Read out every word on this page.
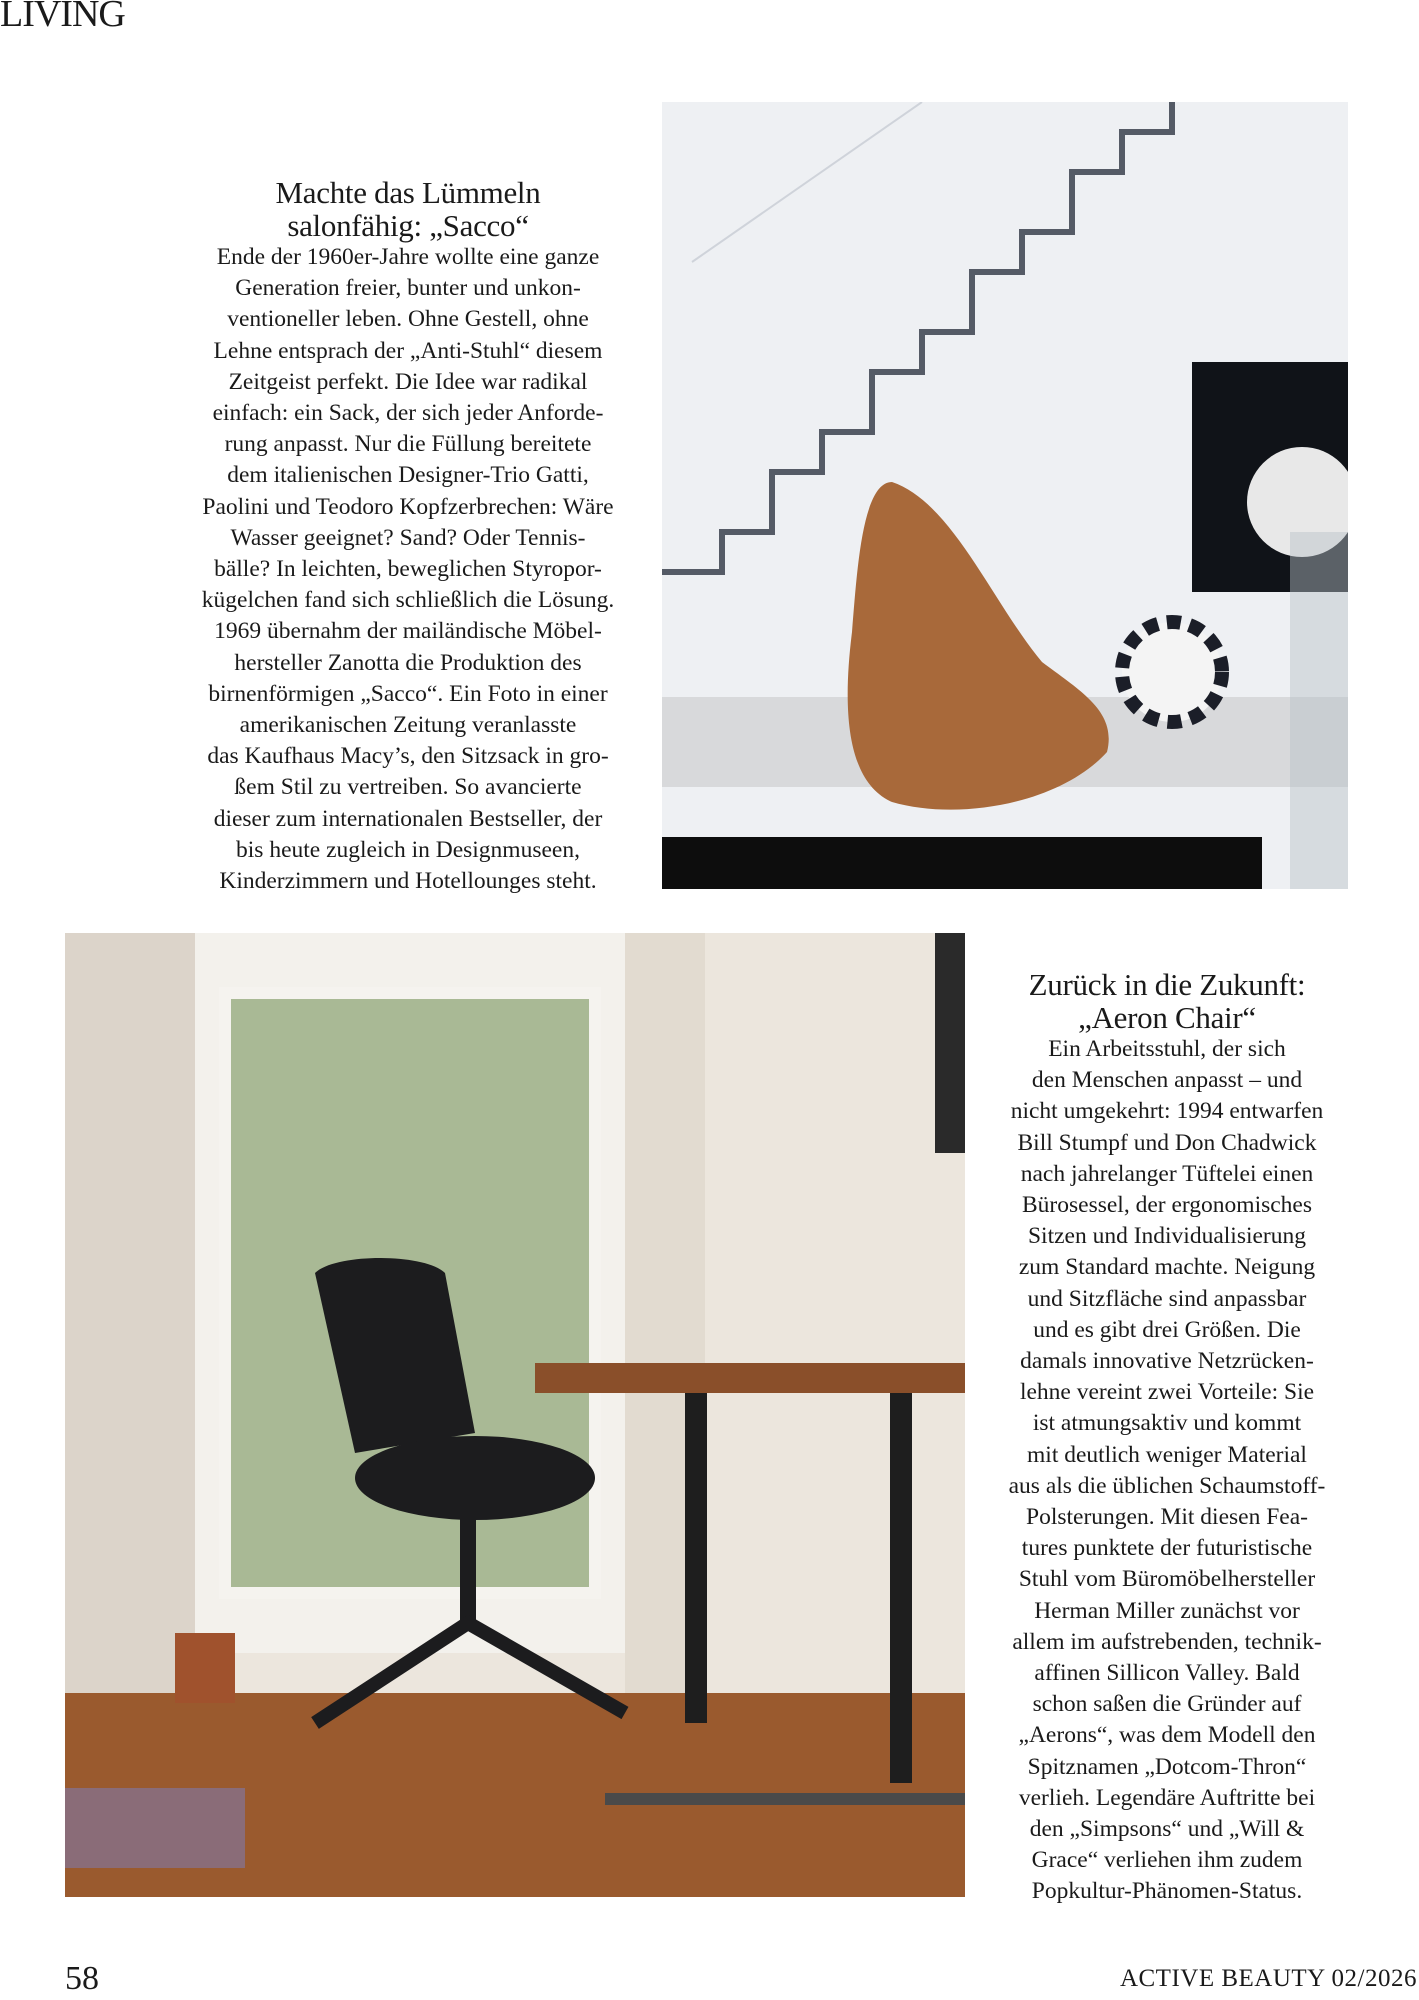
LIVING
Machte das Lümmeln
salonfähig: „Sacco“
Ende der 1960er-Jahre wollte eine ganze
Generation freier, bunter und unkon-
ventioneller leben. Ohne Gestell, ohne
Lehne entsprach der „Anti-Stuhl“ diesem
Zeitgeist perfekt. Die Idee war radikal
einfach: ein Sack, der sich jeder Anforde-
rung anpasst. Nur die Füllung bereitete
dem italienischen Designer-Trio Gatti,
Paolini und Teodoro Kopfzerbrechen: Wäre
Wasser geeignet? Sand? Oder Tennis-
bälle? In leichten, beweglichen Styropor-
kügelchen fand sich schließlich die Lösung.
1969 übernahm der mailändische Möbel-
hersteller Zanotta die Produktion des
birnenförmigen „Sacco“. Ein Foto in einer
amerikanischen Zeitung veranlasste
das Kaufhaus Macy’s, den Sitzsack in gro-
ßem Stil zu vertreiben. So avancierte
dieser zum internationalen Bestseller, der
bis heute zugleich in Designmuseen,
Kinderzimmern und Hotellounges steht.
Zurück in die Zukunft:
„Aeron Chair“
Ein Arbeitsstuhl, der sich
den Menschen anpasst – und
nicht umgekehrt: 1994 entwarfen
Bill Stumpf und Don Chadwick
nach jahrelanger Tüftelei einen
Bürosessel, der ergonomisches
Sitzen und Individualisierung
zum Standard machte. Neigung
und Sitzfläche sind anpassbar
und es gibt drei Größen. Die
damals innovative Netzrücken-
lehne vereint zwei Vorteile: Sie
ist atmungsaktiv und kommt
mit deutlich weniger Material
aus als die üblichen Schaumstoff-
Polsterungen. Mit diesen Fea-
tures punktete der futuristische
Stuhl vom Büromöbelhersteller
Herman Miller zunächst vor
allem im aufstrebenden, technik-
affinen Sillicon Valley. Bald
schon saßen die Gründer auf
„Aerons“, was dem Modell den
Spitznamen „Dotcom-Thron“
verlieh. Legendäre Auftritte bei
den „Simpsons“ und „Will &
Grace“ verliehen ihm zudem
Popkultur-Phänomen-Status.
58	ACTIVE BEAUTY 02/2026
